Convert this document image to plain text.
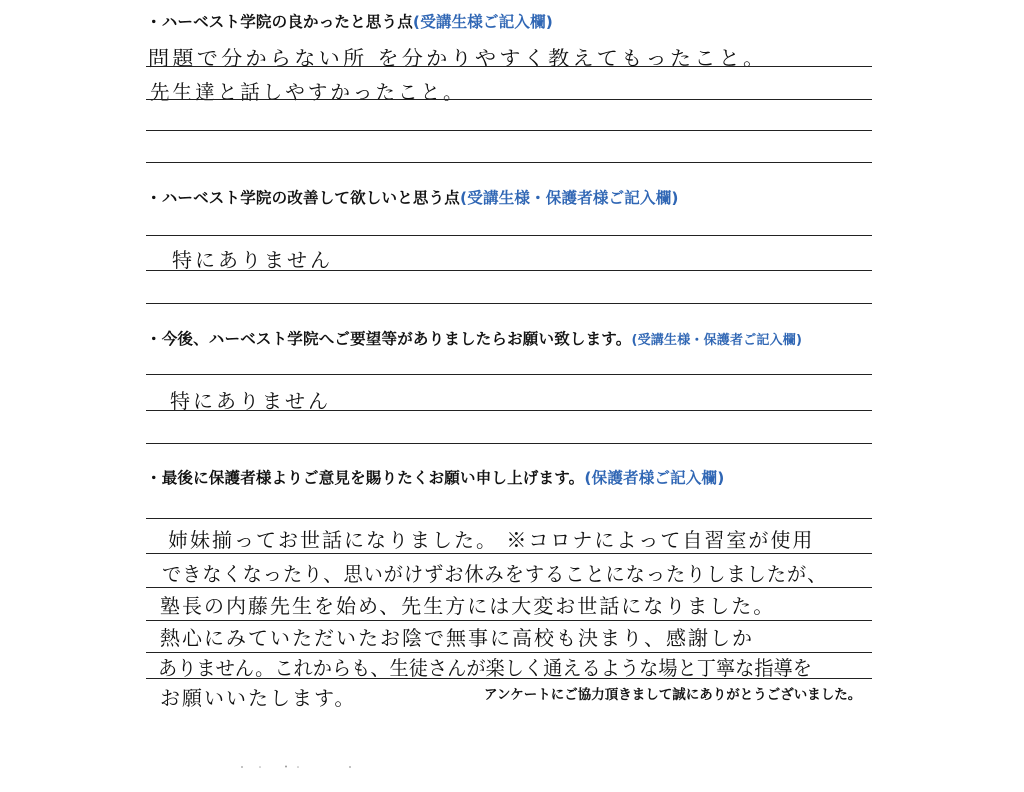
・ハーベスト学院の良かったと思う点(受講生様ご記入欄)
問題で分からない所 を分かりやすく教えてもったこと。
先生達と話しやすかったこと。
・ハーベスト学院の改善して欲しいと思う点(受講生様・保護者様ご記入欄)
特にありません
・今後、ハーベスト学院へご要望等がありましたらお願い致します。(受講生様・保護者ご記入欄)
特にありません
・最後に保護者様よりご意見を賜りたくお願い申し上げます。(保護者様ご記入欄)
姉妹揃ってお世話になりました。 ※コロナによって自習室が使用
できなくなったり、思いがけずお休みをすることになったりしましたが、
塾長の内藤先生を始め、先生方には大変お世話になりました。
熱心にみていただいたお陰で無事に高校も決まり、感謝しか
ありません。これからも、生徒さんが楽しく通えるような場と丁寧な指導を
お願いいたします。	アンケートにご協力頂きまして誠にありがとうございました。
